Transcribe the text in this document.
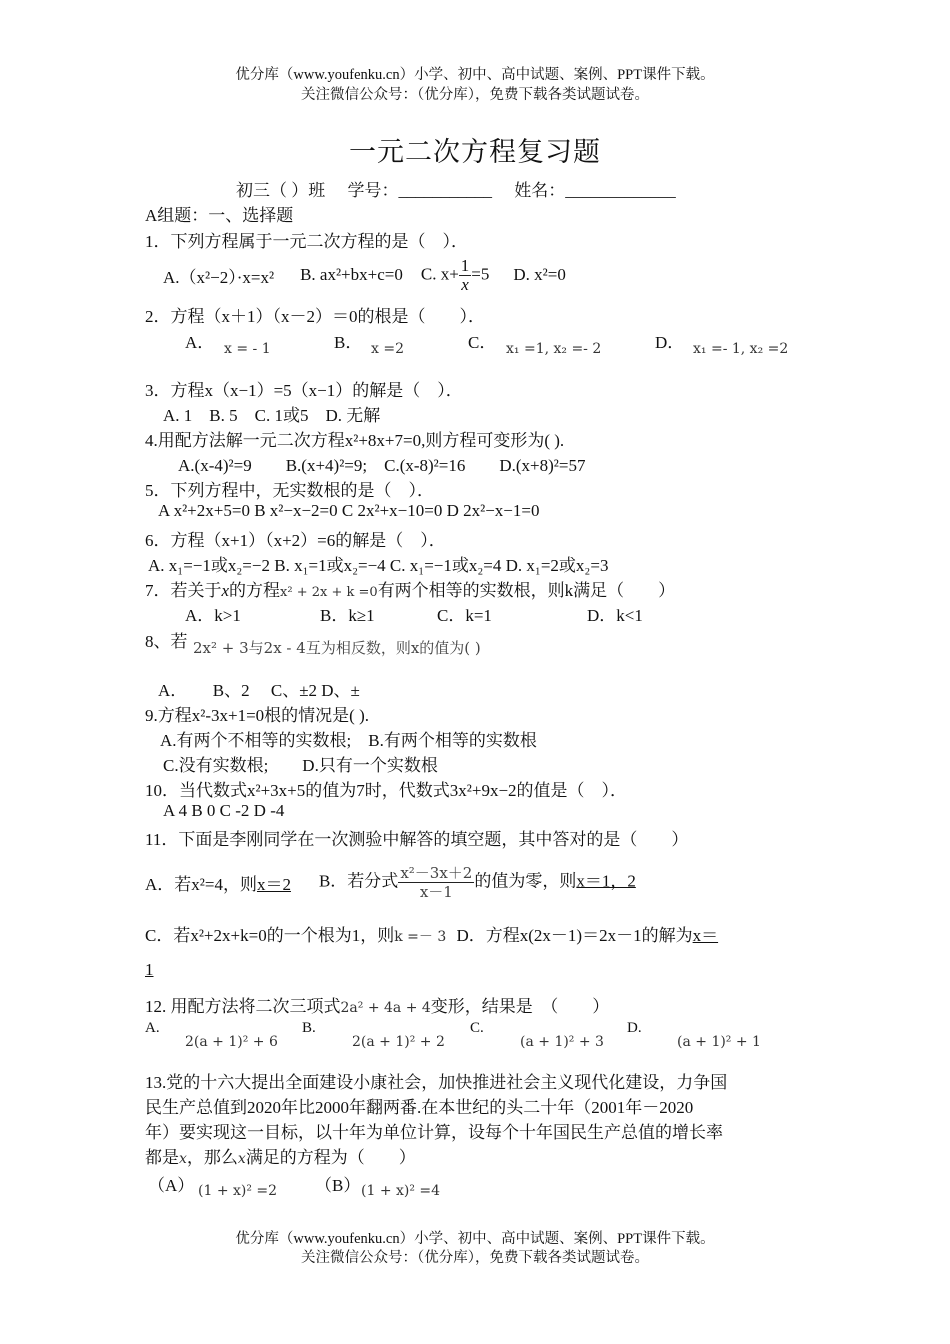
优分库（www.youfenku.cn）小学、初中、高中试题、案例、PPT课件下载。
关注微信公众号：（优分库），免费下载各类试题试卷。
一元二次方程复习题
初三（ ）班 学号：___________ 姓名：_____________
A组题：一、选择题
1．下列方程属于一元二次方程的是（　）．
A.（x²−2）·x=x² B. ax²+bx+c=0 C. $x+ \frac{1}{x} =5$ D. x²=0
2．方程（x＋1）（x－2）＝0的根是（　　）．
A． x = - 1	B． x =2	C． x₁ =1, x₂ =- 2	D． x₁ =- 1, x₂ =2
3．方程x（x−1）=5（x−1）的解是（　）．
A. 1　B. 5　C. 1或5　D. 无解
4.用配方法解一元二次方程x²+8x+7=0,则方程可变形为( ).
A.(x-4)²=9　　B.(x+4)²=9;　C.(x-8)²=16　　D.(x+8)²=57
5．下列方程中，无实数根的是（　）．
A x²+2x+5=0 B x²−x−2=0 C 2x²+x−10=0 D 2x²−x−1=0
6．方程（x+1）（x+2）=6的解是（　）．
A. x₁=−1或x₂=−2 B. x₁=1或x₂=−4 C. x₁=−1或x₂=4 D. x₁=2或x₂=3
7．若关于x的方程x² + 2x + k =0有两个相等的实数根，则k满足（　　）
A．k>1	B．k≥1	C．k=1	D．k<1
8、若 2x² + 3与2x - 4互为相反数，则x的值为( )
A．　　B、2　 C、±2 D、±
9.方程x²-3x+1=0根的情况是( ).
A.有两个不相等的实数根;　B.有两个相等的实数根
C.没有实数根;　　D.只有一个实数根
10．当代数式x²+3x+5的值为7时，代数式3x²+9x−2的值是（　）．
A 4 B 0 C -2 D -4
11．下面是李刚同学在一次测验中解答的填空题，其中答对的是（　　）
A．若x²=4，则x＝2 B．若分式 $\frac{\text{x²－3x＋2}}{x-1}$ 的值为零，则x＝1，2
C．若x²+2x+k=0的一个根为1，则k =－ 3 D．方程x(2x－1)＝2x－1的解为x＝
1
12. 用配方法将二次三项式2a² + 4a + 4变形，结果是　（　　）
A.
2(a + 1)² + 6
B.
2(a + 1)² + 2
C.
(a + 1)² + 3
D.
(a + 1)² + 1
13.党的十六大提出全面建设小康社会，加快推进社会主义现代化建设，力争国
民生产总值到2020年比2000年翻两番.在本世纪的头二十年（2001年－2020
年）要实现这一目标，以十年为单位计算，设每个十年国民生产总值的增长率
都是x，那么x满足的方程为（　　）
（A） (1 + x)² =2 （B） (1 + x)² =4
优分库（www.youfenku.cn）小学、初中、高中试题、案例、PPT课件下载。
关注微信公众号：（优分库），免费下载各类试题试卷。
